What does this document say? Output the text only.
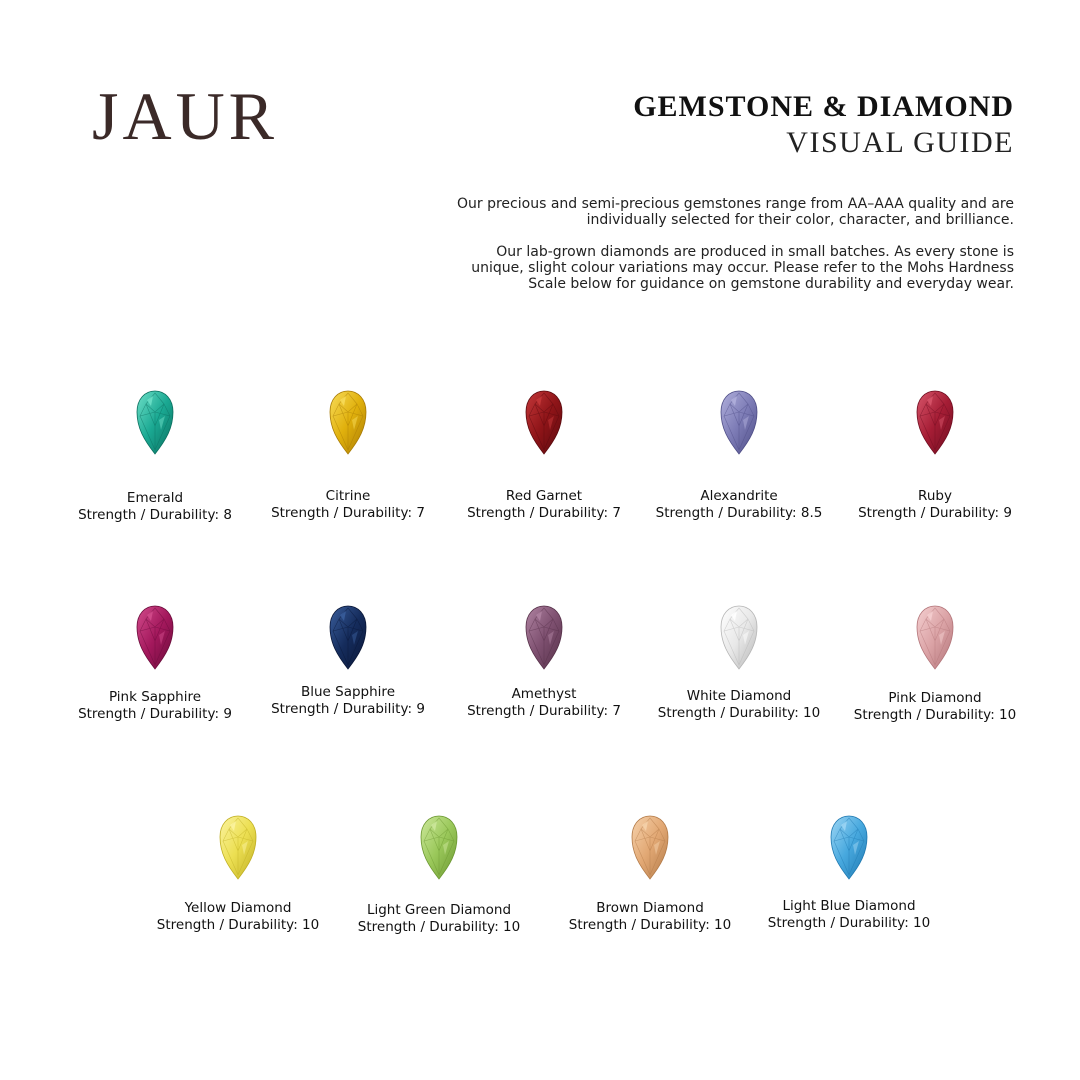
JAUR	GEMSTONE & DIAMOND
VISUAL GUIDE

Our precious and semi-precious gemstones range from AA–AAA quality and are individually selected for their color, character, and brilliance.

Our lab-grown diamonds are produced in small batches. As every stone is unique, slight colour variations may occur. Please refer to the Mohs Hardness Scale below for guidance on gemstone durability and everyday wear.

Emerald
Strength / Durability: 8
Citrine
Strength / Durability: 7
Red Garnet
Strength / Durability: 7
Alexandrite
Strength / Durability: 8.5
Ruby
Strength / Durability: 9
Pink Sapphire
Strength / Durability: 9
Blue Sapphire
Strength / Durability: 9
Amethyst
Strength / Durability: 7
White Diamond
Strength / Durability: 10
Pink Diamond
Strength / Durability: 10
Yellow Diamond
Strength / Durability: 10
Light Green Diamond
Strength / Durability: 10
Brown Diamond
Strength / Durability: 10
Light Blue Diamond
Strength / Durability: 10
